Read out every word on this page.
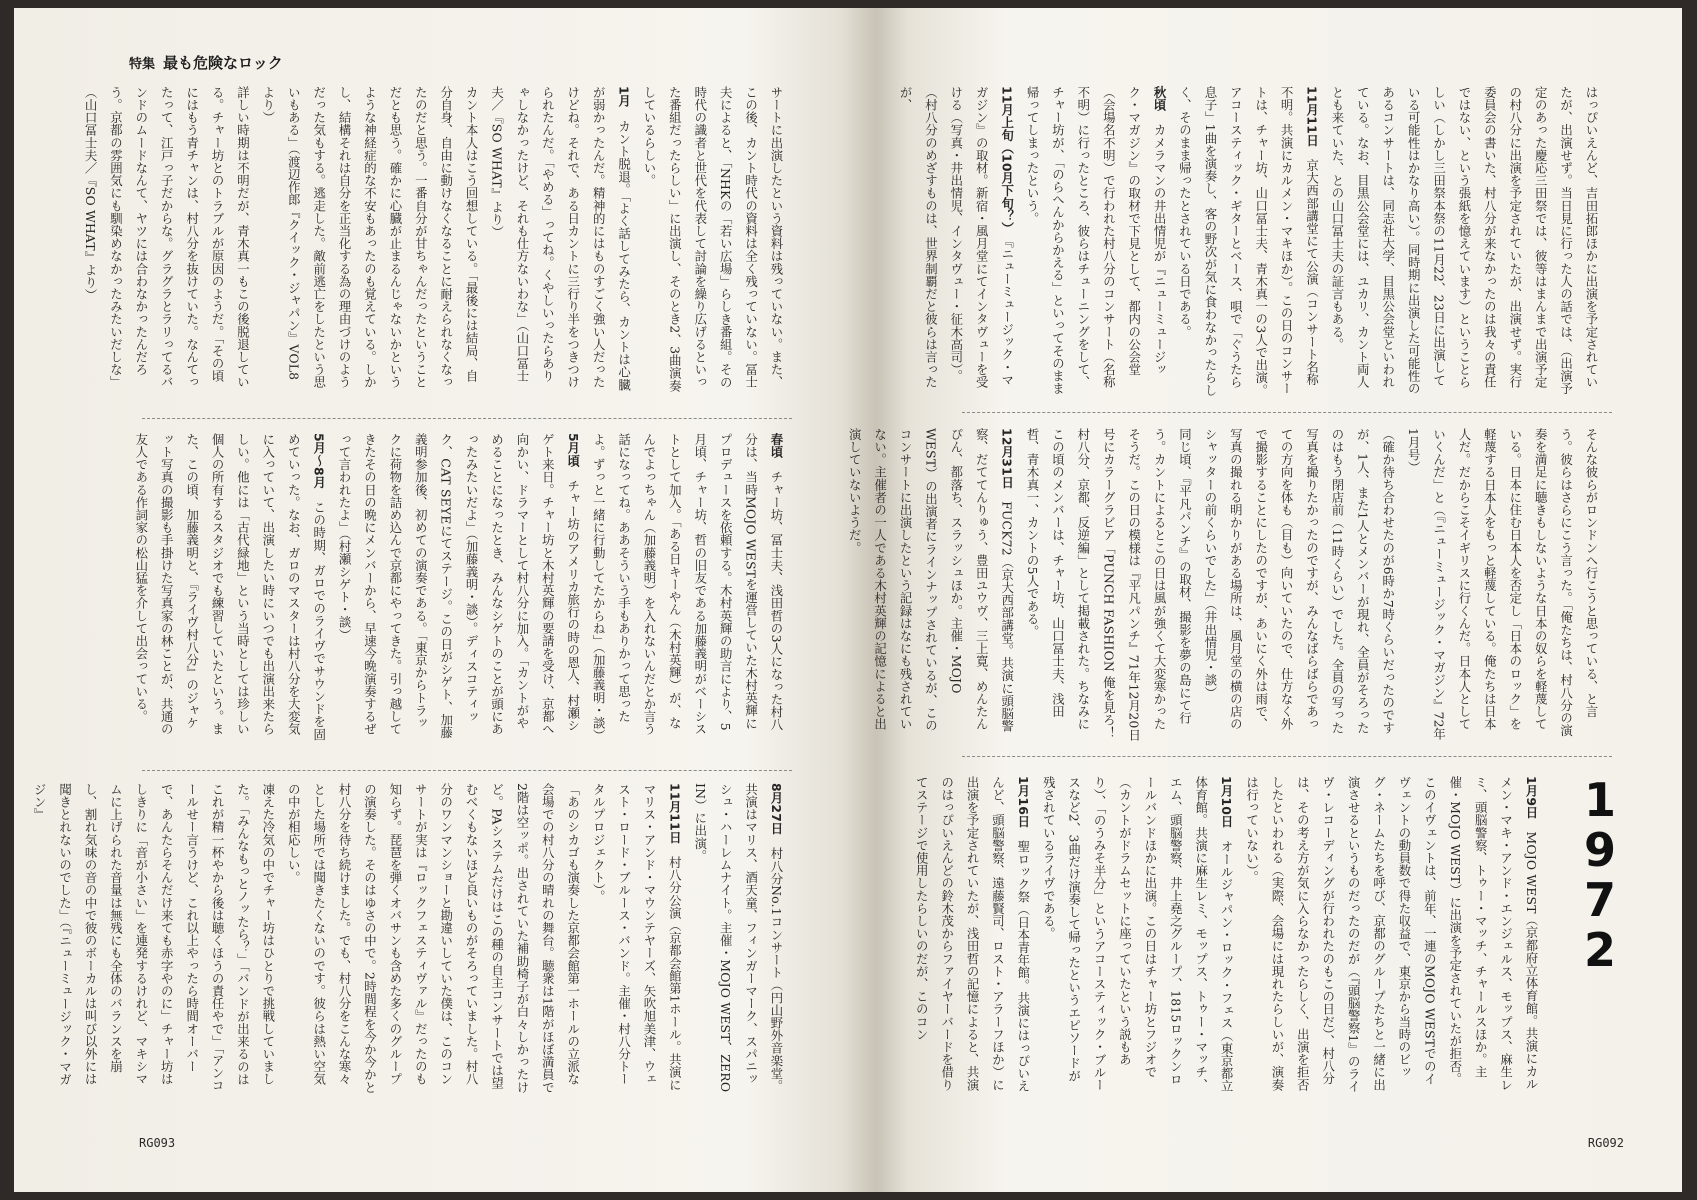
特集 最も危険なロック

サートに出演したという資料は残っていない。また、この後、カント時代の資料は全く残っていない。冨士夫によると、「NHKの「若い広場」らしき番組。その時代の識者と世代を代表して討論を繰り広げるといった番組だったらしい」に出演し、そのとき2、3曲演奏しているらしい。

1月　カント脱退。「よく話してみたら、カントは心臓が弱かったんだ。精神的にはものすごく強い人だったけどね。それで、ある日カントに三行り半をつきつけられたんだ。「やめる」ってね。くやしいったらありゃしなかったけど、それも仕方ないわな」（山口冨士夫／『SO WHAT』より）

カント本人はこう回想している。「最後には結局、自分自身、自由に動けなくなることに耐えられなくなったのだと思う。一番自分が甘ちゃんだったということだとも思う。確かに心臓が止まるんじゃないかというような神経症的な不安もあったのも覚えている。しかし、結構それは自分を正当化する為の理由づけのようだった気もする。逃走した。敵前逃亡をしたという思いもある」（渡辺作郎『クイック・ジャパン』VOL8より）

詳しい時期は不明だが、青木真一もこの後脱退している。チャー坊とのトラブルが原因のようだ。「その頃にはもう青チャンは、村八分を抜けていた。なんてったって、江戸っ子だからな。グラグラとラリってるバンドのムードなんて、ヤツには合わなかったんだろう。京都の雰囲気にも馴染めなかったみたいだしな」（山口冨士夫／『SO WHAT』より）

春頃　チャー坊、冨士夫、浅田哲の3人になった村八分は、当時MOJO WESTを運営していた木村英輝にプロデュースを依頼する。木村英輝の助言により、5月頃、チャー坊、哲の旧友である加藤義明がベーシストとして加入。「ある日キーやん（木村英輝）が、なんでよっちゃん（加藤義明）を入れないんだとか言う話になってね。ああそういう手もありかって思ったよ。ずっと一緒に行動してたからね」（加藤義明・談）

5月頃　チャー坊のアメリカ旅行の時の恩人、村瀬シゲト来日。チャー坊と木村英輝の要請を受け、京都へ向かい、ドラマーとして村八分に加入。「カントがやめることになったとき、みんなシゲトのことが頭にあったみたいだよ」（加藤義明・談）。ディスコティック、CAT SEYEにてステージ。この日がシゲト、加藤義明参加後、初めての演奏である。「東京からトラックに荷物を詰め込んで京都にやってきた。引っ越してきたその日の晩にメンバーから、早速今晩演奏するぜって言われたよ」（村瀬シゲト・談）

5月〜8月　この時期、ガロでのライヴでサウンドを固めていった。なお、ガロのマスターは村八分を大変気に入っていて、出演したい時にいつでも出演出来たらしい。他には「古代緑地」という当時としては珍しい個人の所有するスタジオでも練習していたという。また、この頃、加藤義明と、『ライヴ村八分』のジャケット写真の撮影も手掛けた写真家の林ことが、共通の友人である作詞家の松山猛を介して出会っている。

8月27日　村八分No.1コンサート（円山野外音楽堂。共演はマリス、酒天童、フィンガーマーク、スパニッシュ・ハーレムナイト。主催・MOJO WEST、ZERO IN）に出演。

11月11日　村八分公演（京都会館第1ホール。共演にマリス・アンド・マウンテヤーズ、矢吹旭美津、ウェスト・ロード・ブルース・バンド。主催・村八分トータルプロジェクト）。

「あのシカゴも演奏した京都会館第一ホールの立派な会場での村八分の晴れの舞台。聴衆は1階がほぼ満員で2階は空ッポ。出されていた補助椅子が白々しかったけど。PAシステムだけはこの種の自主コンサートでは望むべくもないほど良いものがそろっていました。村八分のワンマンショーと勘違いしていた僕は、このコンサートが実は『ロックフェスティヴァル』だったのも知らず。琵琶を弾くオバサンも含めた多くのグループの演奏した。そのはゆさの中で。2時間程を今か今かと村八分を待ち続けました。でも、村八分をこんな寒々とした場所では聞きたくないのです。彼らは熱い空気の中が相応しい。

凍えた冷気の中でチャー坊はひとりで挑戦していました。「みんなもっとノッたら？」「バンドが出来るのはこれが精一杯やから後は聴くほうの責任やで」「アンコールせー言うけど、これ以上やったら時間オーバーで、あんたらそんだけ来ても赤字やのに」チャー坊はしきりに「音が小さい」を連発するけれど、マキシマムに上げられた音量は無残にも全体のバランスを崩し、割れ気味の音の中で彼のボーカルは叫び以外には聞きとれないのでした」（『ニューミュージック・マガジン』

RG093

はっぴいえんど、吉田拓郎ほかに出演を予定されていたが、出演せず。当日見に行った人の話では、（出演予定のあった慶応三田祭では、彼等はまんまで出演予定の村八分に出演を予定されていたが、出演せず。実行委員会の書いた、村八分が来なかったのは我々の責任ではない、という張紙を憶えています）ということらしい（しかし三田祭本祭の11月22、23日に出演している可能性はかなり高い）。同時期に出演した可能性のあるコンサートは、同志社大学、目黒公会堂といわれている。なお、目黒公会堂には、ユカリ、カント両人とも来ていた、との山口冨士夫の証言もある。

11月11日　京大西部講堂にて公演（コンサート名称不明。共演にカルメン・マキほか）。この日のコンサートは、チャー坊、山口冨士夫、青木真一の3人で出演。アコースティック・ギターとベース、唄で「ぐうたら息子」1曲を演奏し、客の野次が気に食わなかったらしく、そのまま帰ったとされている日である。

秋頃　カメラマンの井出情児が『ニューミュージック・マガジン』の取材で下見として、都内の公会堂（会場名不明）で行われた村八分のコンサート（名称不明）に行ったところ、彼らはチューニングをして、チャー坊が、「のらへんからかえる」といってそのまま帰ってしまったという。

11月上旬（10月下旬？）　『ニューミュージック・マガジン』の取材。新宿・風月堂にてインタヴューを受ける（写真・井出情児、インタヴュー・征木高司）。

（村八分のめざすものは、世界制覇だと彼らは言ったが、

そんな彼らがロンドンへ行こうと思っている、と言う。彼らはさらにこう言った。「俺たちは、村八分の演奏を満足に聴きもしないような日本の奴らを軽蔑している。日本に住む日本人を否定し「日本のロック」を軽蔑する日本人をもっと軽蔑している。俺たちは日本人だ。だからこそイギリスに行くんだ。日本人としていくんだ」と（『ニューミュージック・マガジン』72年1月号）

（確か待ち合わせたのが6時か7時くらいだったのですが、1人、また1人とメンバーが現れ、全員がそろったのはもう閉店前（11時くらい）でした。全員の写った写真を撮りたかったのですが、みんなばらばらであっての方向を体も（目も）向いていたので、仕方なく外で撮影することにしたのですが、あいにく外は雨で、写真の撮れる明かりがある場所は、風月堂の横の店のシャッターの前くらいでした」（井出情児・談）

同じ頃、『平凡パンチ』の取材、撮影を夢の島にて行う。カントによるとこの日は風が強くて大変寒かったそうだ。この日の模様は『平凡パンチ』71年12月20日号にカラーグラビア「PUNCH FASHION 俺を見ろ！ 村八分、京都、反逆編」として掲載された。ちなみにこの頃のメンバーは、チャー坊、山口冨士夫、浅田哲、青木真一、カントの5人である。

12月31日　FUCK72（京大西部講堂。共演に頭脳警察、だててんりゅう、豊田ユウヴ、三上寛、めんたんぴん、都落ち、スラッシュほか。主催・MOJO WEST）の出演者にラインナップされているが、このコンサートに出演したという記録はなにも残されていない。主催者の一人である木村英輝の記憶によると出演していないようだ。

1972

1月9日　MOJO WEST（京都府立体育館。共演にカルメン・マキ・アンド・エンジェルス、モップス、麻生レミ、頭脳警察、トゥー・マッチ、チャールスほか。主催・MOJO WEST）に出演を予定されていたが拒否。このイヴェントは、前年、一連のMOJO WESTでのイヴェントの動員数で得た収益で、東京から当時のビッグ・ネームたちを呼び、京都のグループたちと一緒に出演させるというものだったのだが（『頭脳警察1』のライヴ・レコーディングが行われたのもこの日だ）、村八分は、その考え方が気に入らなかったらしく、出演を拒否したといわれる（実際、会場には現れたらしいが、演奏は行っていない）。

1月10日　オールジャパン・ロック・フェス（東京都立体育館。共演に麻生レミ、モップス、トゥー・マッチ、エム、頭脳警察、井上堯之グループ、1815ロックンロールバンドほかに出演。この日はチャー坊とフジオで（カントがドラムセットに座っていたという説もあり）、「のうみそ半分」というアコースティック・ブルースなど2、3曲だけ演奏して帰ったというエピソードが残されているライヴである。

1月16日　聖ロック祭（日本青年館。共演にはっぴいえんど、頭脳警察、遠藤賢司、ロスト・アラーフほか）に出演を予定されていたが、浅田哲の記憶によると、共演のはっぴいえんどの鈴木茂からファイヤーバードを借りてステージで使用したらしいのだが、このコン

RG092
